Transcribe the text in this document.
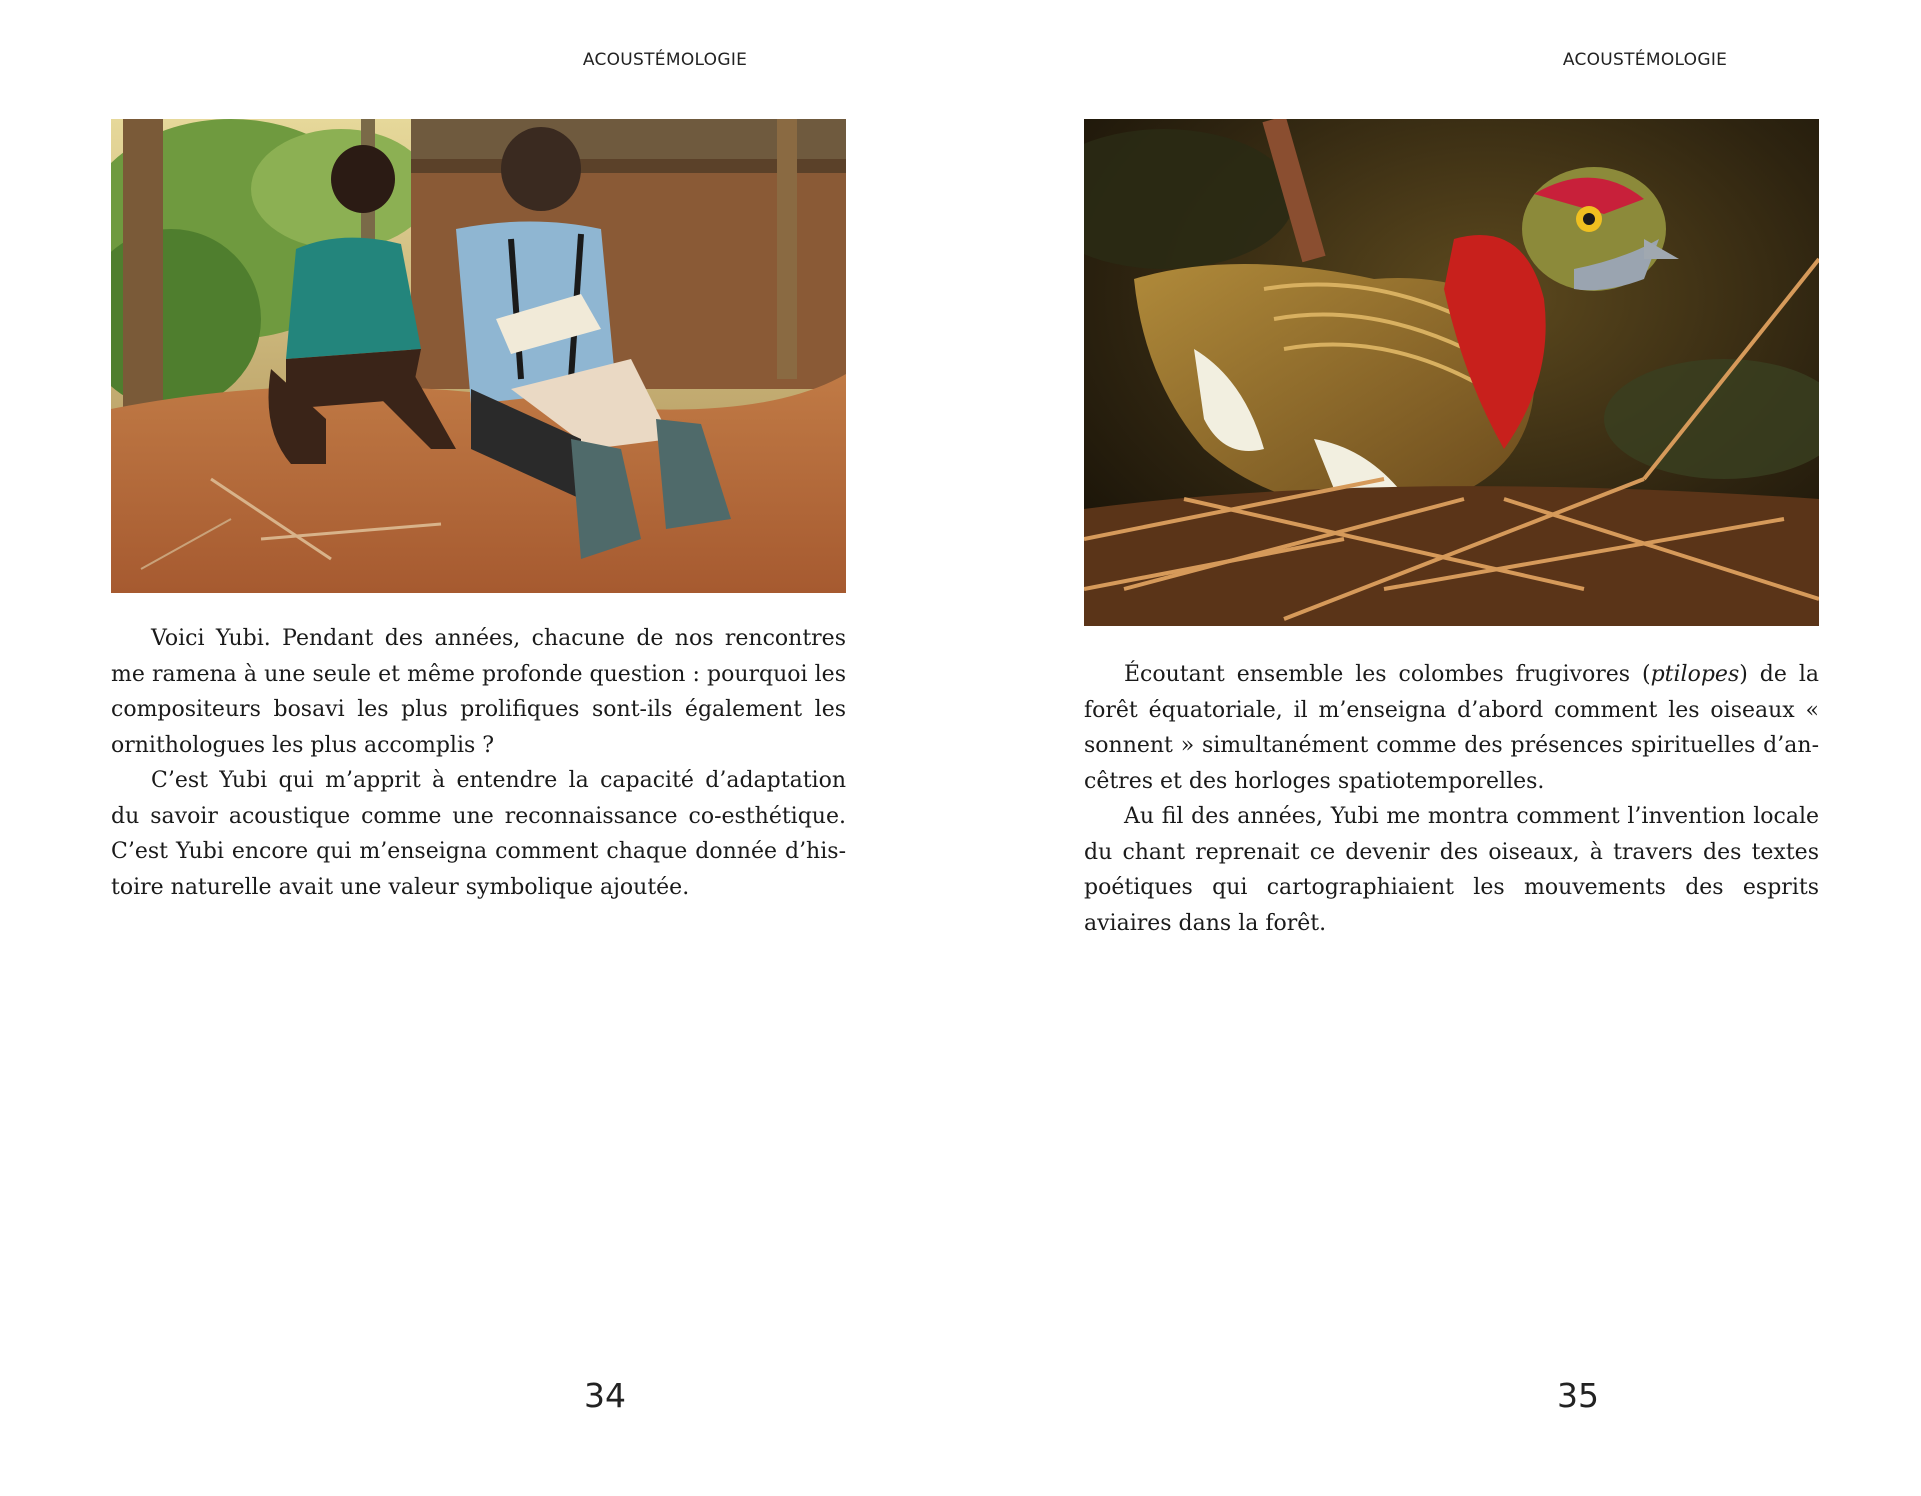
ACOUSTÉMOLOGIE

Voici Yubi. Pendant des années, chacune de nos rencontres me ramena à une seule et même profonde question : pourquoi les compositeurs bosavi les plus prolifiques sont-ils également les ornithologues les plus accomplis ?

C’est Yubi qui m’apprit à entendre la capacité d’adaptation du savoir acoustique comme une reconnaissance co-esthétique. C’est Yubi encore qui m’enseigna comment chaque donnée d’histoire naturelle avait une valeur symbolique ajoutée.

34
ACOUSTÉMOLOGIE

Écoutant ensemble les colombes frugivores (ptilopes) de la forêt équatoriale, il m’enseigna d’abord comment les oiseaux « sonnent » simultanément comme des présences spirituelles d’ancêtres et des horloges spatiotemporelles.

Au fil des années, Yubi me montra comment l’invention locale du chant reprenait ce devenir des oiseaux, à travers des textes poétiques qui cartographiaient les mouvements des esprits aviaires dans la forêt.

35
